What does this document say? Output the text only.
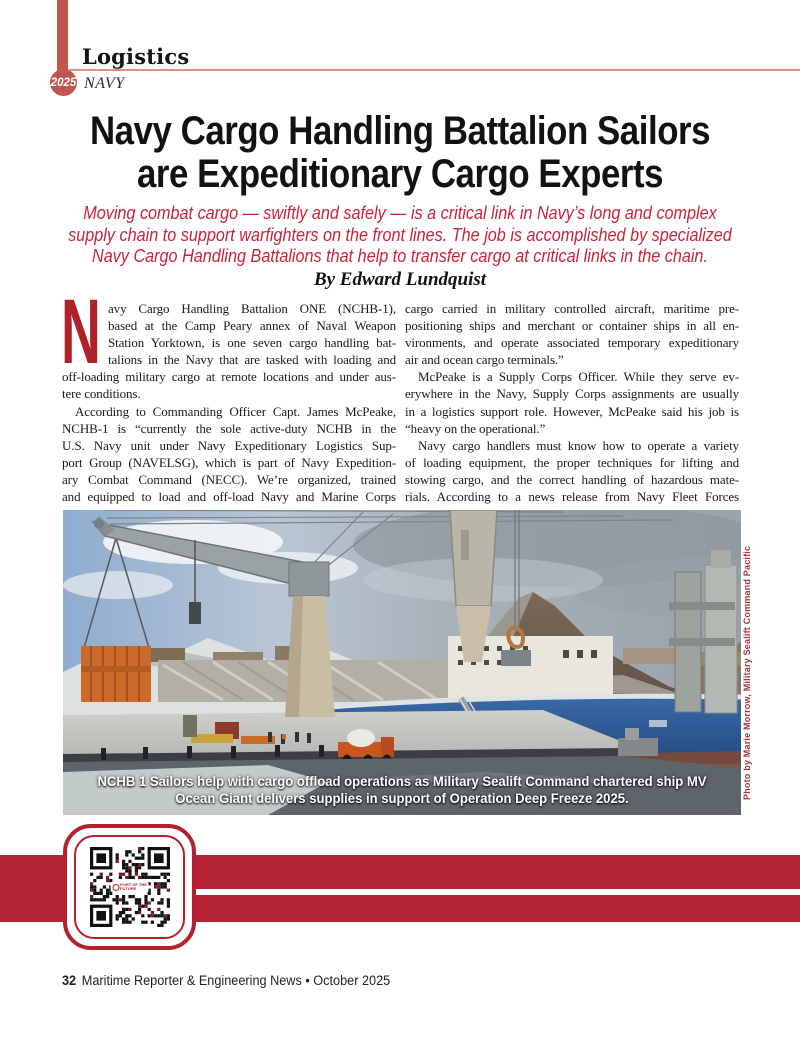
2025
Logistics
NAVY
Navy Cargo Handling Battalion Sailors
are Expeditionary Cargo Experts
Moving combat cargo — swiftly and safely — is a critical link in Navy’s long and complex
supply chain to support warfighters on the front lines. The job is accomplished by specialized
Navy Cargo Handling Battalions that help to transfer cargo at critical links in the chain.
By Edward Lundquist
N avy Cargo Handling Battalion ONE (NCHB-1),
based at the Camp Peary annex of Naval Weapon
Station Yorktown, is one seven cargo handling bat-
talions in the Navy that are tasked with loading and
off-loading military cargo at remote locations and under aus-
tere conditions.
According to Commanding Officer Capt. James McPeake,
NCHB-1 is “currently the sole active-duty NCHB in the
U.S. Navy unit under Navy Expeditionary Logistics Sup-
port Group (NAVELSG), which is part of Navy Expedition-
ary Combat Command (NECC). We’re organized, trained
and equipped to load and off-load Navy and Marine Corps
cargo carried in military controlled aircraft, maritime pre-
positioning ships and merchant or container ships in all en-
vironments, and operate associated temporary expeditionary
air and ocean cargo terminals.”
McPeake is a Supply Corps Officer. While they serve ev-
erywhere in the Navy, Supply Corps assignments are usually
in a logistics support role. However, McPeake said his job is
“heavy on the operational.”
Navy cargo handlers must know how to operate a variety
of loading equipment, the proper techniques for lifting and
stowing cargo, and the correct handling of hazardous mate-
rials. According to a news release from Navy Fleet Forces
NCHB 1 Sailors help with cargo offload operations as Military Sealift Command chartered ship MV
Ocean Giant delivers supplies in support of Operation Deep Freeze 2025.	Photo by Marie Morrow, Military Sealift Command Pacific
PORT OF THE
FUTURE
32 Maritime Reporter & Engineering News • October 2025
